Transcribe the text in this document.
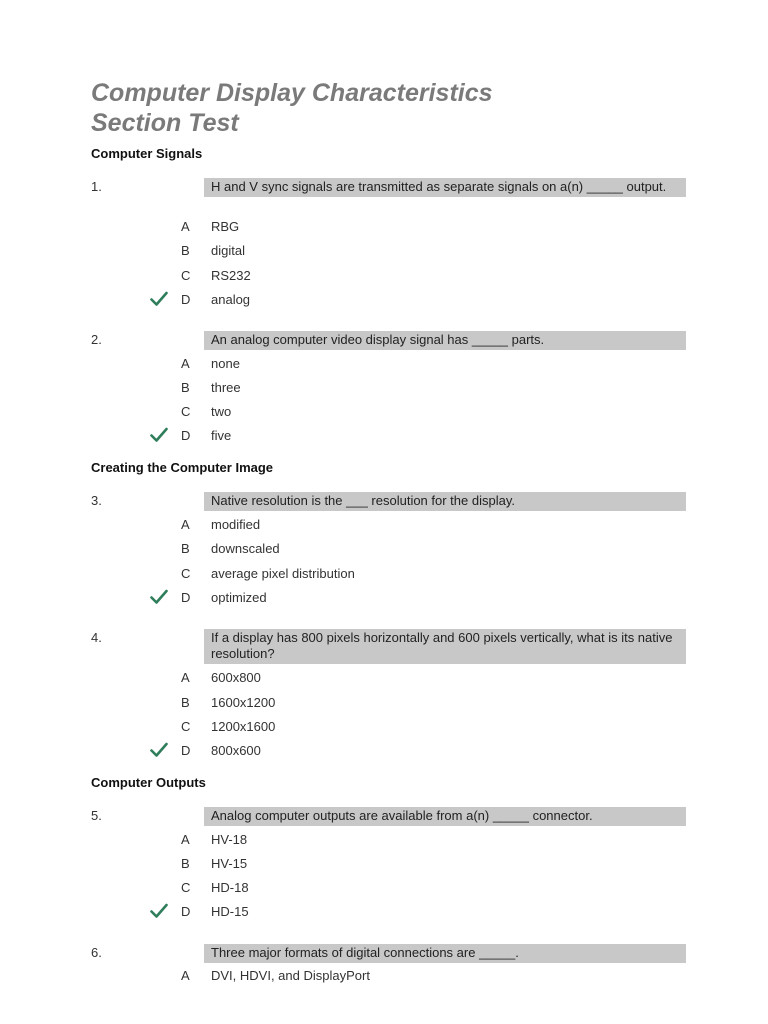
Computer Display Characteristics
Section Test
Computer Signals
1.	H and V sync signals are transmitted as separate signals on a(n) _____ output.
A RBG
B digital
C RS232
D analog
2.	An analog computer video display signal has _____ parts.
A none
B three
C two
D five
Creating the Computer Image
3.	Native resolution is the ___ resolution for the display.
A modified
B downscaled
C average pixel distribution
D optimized
4.	If a display has 800 pixels horizontally and 600 pixels vertically, what is its native resolution?
A 600x800
B 1600x1200
C 1200x1600
D 800x600
Computer Outputs
5.	Analog computer outputs are available from a(n) _____ connector.
A HV-18
B HV-15
C HD-18
D HD-15
6.	Three major formats of digital connections are _____.
A DVI, HDVI, and DisplayPort
